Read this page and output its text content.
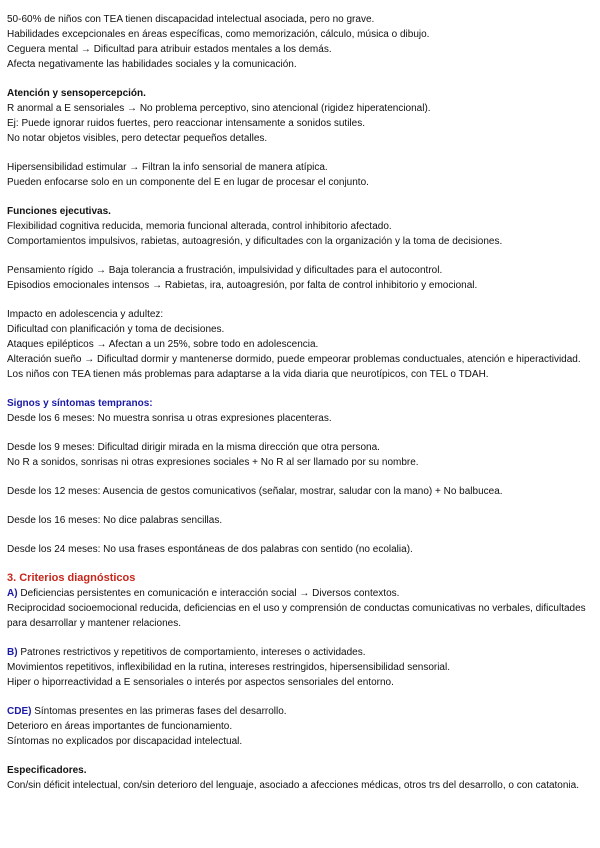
50-60% de niños con TEA tienen discapacidad intelectual asociada, pero no grave.
Habilidades excepcionales en áreas específicas, como memorización, cálculo, música o dibujo.
Ceguera mental → Dificultad para atribuir estados mentales a los demás.
Afecta negativamente las habilidades sociales y la comunicación.
Atención y sensopercepción.
R anormal a E sensoriales → No problema perceptivo, sino atencional (rigidez hiperatencional).
Ej: Puede ignorar ruidos fuertes, pero reaccionar intensamente a sonidos sutiles.
No notar objetos visibles, pero detectar pequeños detalles.
Hipersensibilidad estimular → Filtran la info sensorial de manera atípica.
Pueden enfocarse solo en un componente del E en lugar de procesar el conjunto.
Funciones ejecutivas.
Flexibilidad cognitiva reducida, memoria funcional alterada, control inhibitorio afectado.
Comportamientos impulsivos, rabietas, autoagresión, y dificultades con la organización y la toma de decisiones.
Pensamiento rígido → Baja tolerancia a frustración, impulsividad y dificultades para el autocontrol.
Episodios emocionales intensos → Rabietas, ira, autoagresión, por falta de control inhibitorio y emocional.
Impacto en adolescencia y adultez:
Dificultad con planificación y toma de decisiones.
Ataques epilépticos → Afectan a un 25%, sobre todo en adolescencia.
Alteración sueño → Dificultad dormir y mantenerse dormido, puede empeorar problemas conductuales, atención e hiperactividad.
Los niños con TEA tienen más problemas para adaptarse a la vida diaria que neurotípicos, con TEL o TDAH.
Signos y síntomas tempranos:
Desde los 6 meses: No muestra sonrisa u otras expresiones placenteras.
Desde los 9 meses: Dificultad dirigir mirada en la misma dirección que otra persona.
No R a sonidos, sonrisas ni otras expresiones sociales + No R al ser llamado por su nombre.
Desde los 12 meses: Ausencia de gestos comunicativos (señalar, mostrar, saludar con la mano) + No balbucea.
Desde los 16 meses: No dice palabras sencillas.
Desde los 24 meses: No usa frases espontáneas de dos palabras con sentido (no ecolalia).
3. Criterios diagnósticos
A) Deficiencias persistentes en comunicación e interacción social → Diversos contextos.
Reciprocidad socioemocional reducida, deficiencias en el uso y comprensión de conductas comunicativas no verbales, dificultades para desarrollar y mantener relaciones.
B) Patrones restrictivos y repetitivos de comportamiento, intereses o actividades.
Movimientos repetitivos, inflexibilidad en la rutina, intereses restringidos, hipersensibilidad sensorial.
Hiper o hiporreactividad a E sensoriales o interés por aspectos sensoriales del entorno.
CDE) Síntomas presentes en las primeras fases del desarrollo.
Deterioro en áreas importantes de funcionamiento.
Síntomas no explicados por discapacidad intelectual.
Especificadores.
Con/sin déficit intelectual, con/sin deterioro del lenguaje, asociado a afecciones médicas, otros trs del desarrollo, o con catatonia.
